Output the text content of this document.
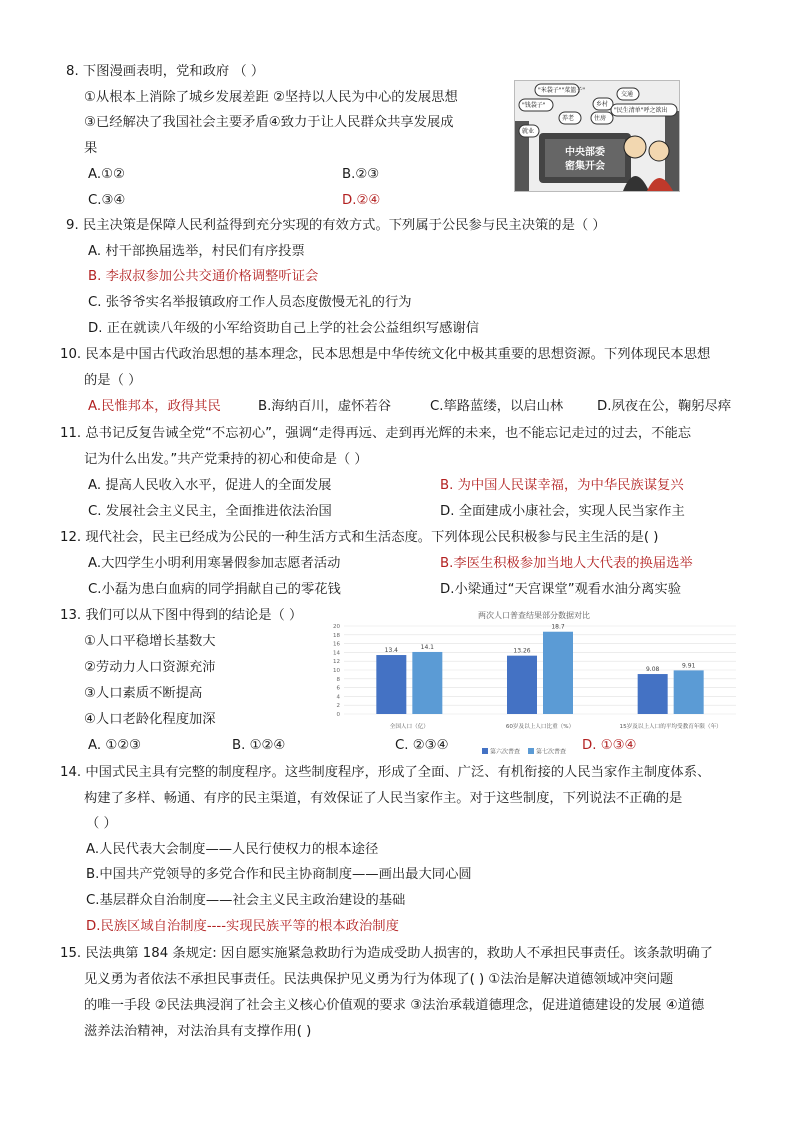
8. 下图漫画表明，党和政府 （ ）
①从根本上消除了城乡发展差距 ②坚持以人民为中心的发展思想
③已经解决了我国社会主要矛盾④致力于让人民群众共享发展成
果
A.①②	B.②③
C.③④	D.②④
"米袋子""菜篮子"
交通
"钱袋子"	乡村
养老	住房
"民生清单"呼之欲出
就业
中央部委
密集开会
9. 民主决策是保障人民利益得到充分实现的有效方式。下列属于公民参与民主决策的是（ ）
A. 村干部换届选举，村民们有序投票
B. 李叔叔参加公共交通价格调整听证会
C. 张爷爷实名举报镇政府工作人员态度傲慢无礼的行为
D. 正在就读八年级的小军给资助自己上学的社会公益组织写感谢信
10. 民本是中国古代政治思想的基本理念，民本思想是中华传统文化中极其重要的思想资源。下列体现民本思想
的是（ ）
A.民惟邦本，政得其民	B.海纳百川，虚怀若谷	C.筚路蓝缕，以启山林	D.夙夜在公，鞠躬尽瘁
11. 总书记反复告诫全党“不忘初心”，强调“走得再远、走到再光辉的未来，也不能忘记走过的过去，不能忘
记为什么出发。”共产党秉持的初心和使命是（ ）
A. 提高人民收入水平，促进人的全面发展	B. 为中国人民谋幸福，为中华民族谋复兴
C. 发展社会主义民主，全面推进依法治国	D. 全面建成小康社会，实现人民当家作主
12. 现代社会，民主已经成为公民的一种生活方式和生活态度。下列体现公民积极参与民主生活的是( )
A.大四学生小明利用寒暑假参加志愿者活动	B.李医生积极参加当地人大代表的换届选举
C.小磊为患白血病的同学捐献自己的零花钱	D.小梁通过“天宫课堂”观看水油分离实验
13. 我们可以从下图中得到的结论是（ ）
①人口平稳增长基数大
②劳动力人口资源充沛
③人口素质不断提高
④人口老龄化程度加深
A. ①②③	B. ①②④	C. ②③④	D. ①③④
两次人口普查结果部分数据对比
0
2
4
6
8
10
12
14
16
18
20
13.4	14.1
13.26
18.7
9.08
9.91
全国人口（亿）	60岁及以上人口比重（%）	15岁及以上人口的平均受教育年限（年）
第六次普查	第七次普查
14. 中国式民主具有完整的制度程序。这些制度程序，形成了全面、广泛、有机衔接的人民当家作主制度体系、
构建了多样、畅通、有序的民主渠道，有效保证了人民当家作主。对于这些制度，下列说法不正确的是
（ ）
A.人民代表大会制度——人民行使权力的根本途径
B.中国共产党领导的多党合作和民主协商制度——画出最大同心圆
C.基层群众自治制度——社会主义民主政治建设的基础
D.民族区域自治制度----实现民族平等的根本政治制度
15. 民法典第 184 条规定: 因自愿实施紧急救助行为造成受助人损害的，救助人不承担民事责任。该条款明确了
见义勇为者依法不承担民事责任。民法典保护见义勇为行为体现了( ) ①法治是解决道德领域冲突问题
的唯一手段 ②民法典浸润了社会主义核心价值观的要求 ③法治承载道德理念，促进道德建设的发展 ④道德
滋养法治精神，对法治具有支撑作用( )
